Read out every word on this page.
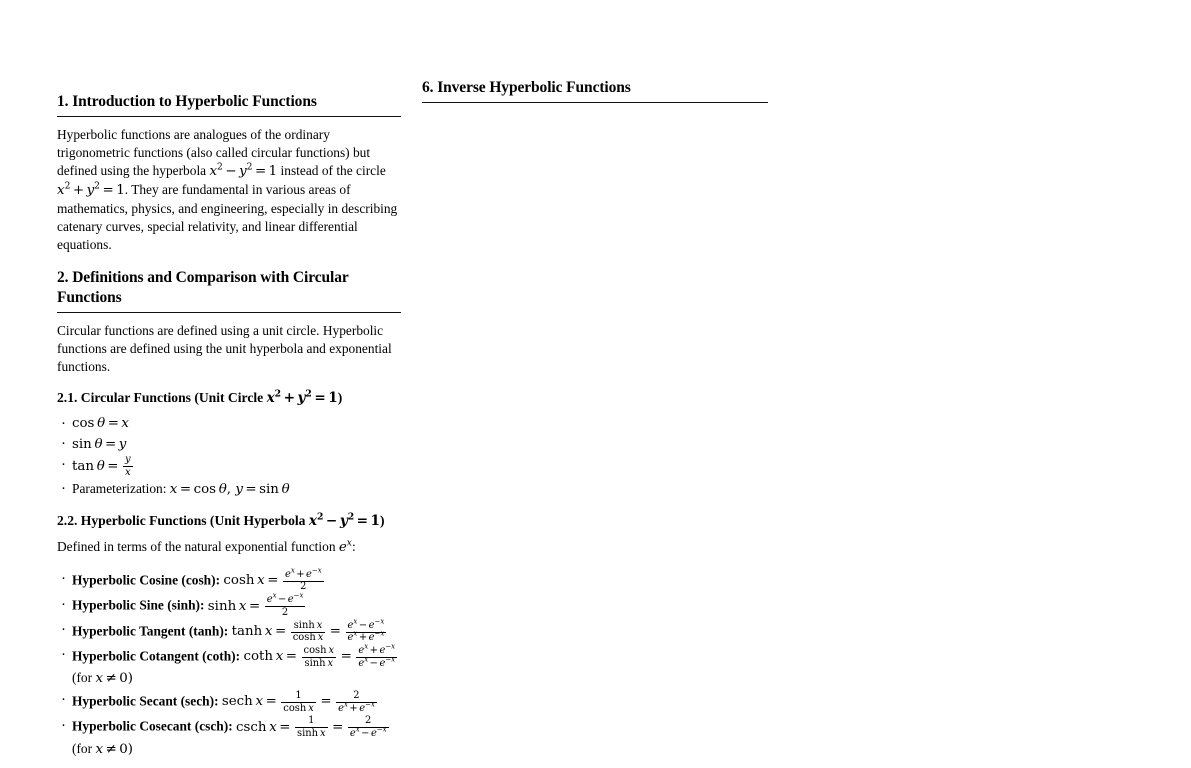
1. Introduction to Hyperbolic Functions

Hyperbolic functions are analogues of the ordinary trigonometric functions (also called circular functions) but defined using the hyperbola $x^2 - y^2 = 1$ instead of the circle $x^2 + y^2 = 1$. They are fundamental in various areas of mathematics, physics, and engineering, especially in describing catenary curves, special relativity, and linear differential equations.

2. Definitions and Comparison with Circular Functions

Circular functions are defined using a unit circle. Hyperbolic functions are defined using the unit hyperbola and exponential functions.

2.1. Circular Functions (Unit Circle $x^2 + y^2 = 1$)
· cos  θ = x
· sin  θ = y
· $\tan \theta = \frac{y}{x}$
· Parameterization: x = cos  θ, y = sin  θ
2.2. Hyperbolic Functions (Unit Hyperbola $x^2 - y^2 = 1$)

Defined in terms of the natural exponential function $e^x$:

· Hyperbolic Cosine (cosh): $\cosh x = \frac{e^x + e^{-x}}{2}$
· Hyperbolic Sine (sinh): $\sinh x = \frac{e^x - e^{-x}}{2}$
· Hyperbolic Tangent (tanh): $\tanh x = \frac{\text{sinh x}}{\text{cosh x}} = \frac{e^x - e^{-x}}{e^x + e^{-x}}$
· Hyperbolic Cotangent (coth): coth  $x = \frac{\text{cosh x}}{\text{sinh x}} = \frac{e^x + e^{-x}}{e^x - e^{-x}}$
(for x ≠ 0)
· Hyperbolic Secant (sech): sech  $x = \frac{1}{\text{cosh x}} = \frac{2}{e^x + e^{-x}}$
· Hyperbolic Cosecant (csch): csch  $x = \frac{1}{\text{sinh x}} = \frac{2}{e^x - e^{-x}}$
(for x ≠ 0)
6. Inverse Hyperbolic Functions
